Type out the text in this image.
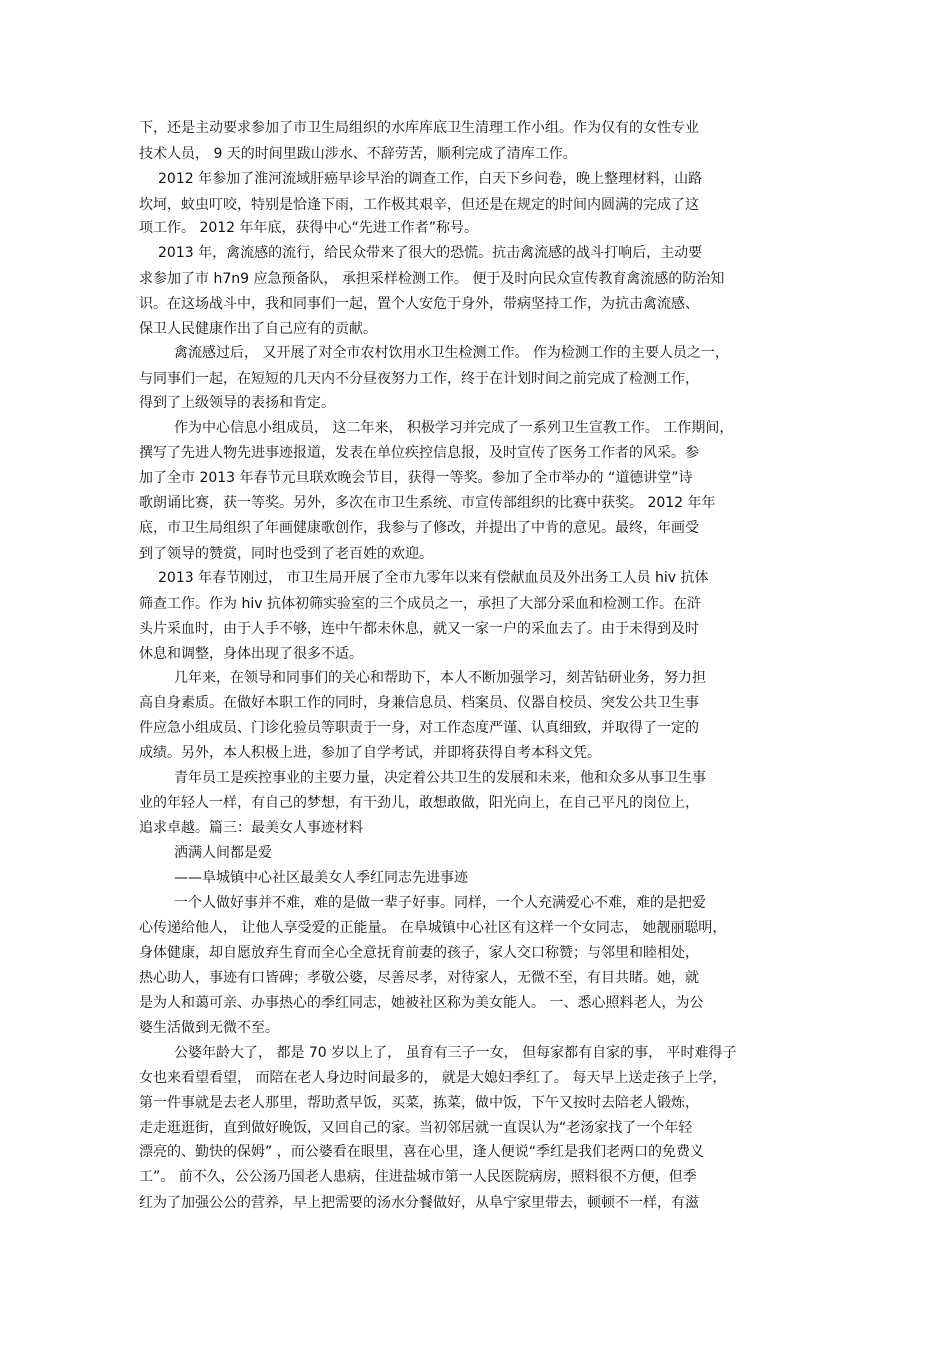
下，还是主动要求参加了市卫生局组织的水库库底卫生清理工作小组。作为仅有的女性专业

技术人员， 9 天的时间里跋山涉水、不辞劳苦，顺利完成了清库工作。

2012 年参加了淮河流域肝癌早诊早治的调查工作，白天下乡问卷，晚上整理材料，山路

坎坷，蚊虫叮咬，特别是恰逢下雨，工作极其艰辛，但还是在规定的时间内圆满的完成了这

项工作。 2012 年年底，获得中心“先进工作者”称号。

2013 年，禽流感的流行，给民众带来了很大的恐慌。抗击禽流感的战斗打响后，主动要

求参加了市 h7n9 应急预备队， 承担采样检测工作。 便于及时向民众宣传教育禽流感的防治知

识。在这场战斗中，我和同事们一起，置个人安危于身外，带病坚持工作，为抗击禽流感、

保卫人民健康作出了自己应有的贡献。

禽流感过后， 又开展了对全市农村饮用水卫生检测工作。 作为检测工作的主要人员之一，

与同事们一起，在短短的几天内不分昼夜努力工作，终于在计划时间之前完成了检测工作，

得到了上级领导的表扬和肯定。

作为中心信息小组成员， 这二年来， 积极学习并完成了一系列卫生宣教工作。 工作期间，

撰写了先进人物先进事迹报道，发表在单位疾控信息报，及时宣传了医务工作者的风采。参

加了全市 2013 年春节元旦联欢晚会节目，获得一等奖。参加了全市举办的 “道德讲堂”诗

歌朗诵比赛，获一等奖。另外，多次在市卫生系统、市宣传部组织的比赛中获奖。 2012 年年

底，市卫生局组织了年画健康歌创作，我参与了修改，并提出了中肯的意见。最终，年画受

到了领导的赞赏，同时也受到了老百姓的欢迎。

2013 年春节刚过， 市卫生局开展了全市九零年以来有偿献血员及外出务工人员 hiv 抗体

筛查工作。作为 hiv 抗体初筛实验室的三个成员之一，承担了大部分采血和检测工作。在浒

头片采血时，由于人手不够，连中午都未休息，就又一家一户的采血去了。由于未得到及时

休息和调整，身体出现了很多不适。

几年来，在领导和同事们的关心和帮助下，本人不断加强学习，刻苦钻研业务，努力担

高自身素质。在做好本职工作的同时，身兼信息员、档案员、仪器自校员、突发公共卫生事

件应急小组成员、门诊化验员等职责于一身，对工作态度严谨、认真细致，并取得了一定的

成绩。另外，本人积极上进，参加了自学考试，并即将获得自考本科文凭。

青年员工是疾控事业的主要力量，决定着公共卫生的发展和未来，他和众多从事卫生事

业的年轻人一样，有自己的梦想，有干劲儿，敢想敢做，阳光向上，在自己平凡的岗位上，

追求卓越。篇三：最美女人事迹材料

洒满人间都是爱

——阜城镇中心社区最美女人季红同志先进事迹

一个人做好事并不难，难的是做一辈子好事。同样，一个人充满爱心不难，难的是把爱

心传递给他人， 让他人享受爱的正能量。 在阜城镇中心社区有这样一个女同志， 她靓丽聪明，

身体健康，却自愿放弃生育而全心全意抚育前妻的孩子，家人交口称赞；与邻里和睦相处，

热心助人，事迹有口皆碑；孝敬公婆，尽善尽孝，对待家人，无微不至，有目共睹。她，就

是为人和蔼可亲、办事热心的季红同志，她被社区称为美女能人。 一、悉心照料老人，为公

婆生活做到无微不至。

公婆年龄大了， 都是 70 岁以上了， 虽育有三子一女， 但每家都有自家的事， 平时难得子

女也来看望看望， 而陪在老人身边时间最多的， 就是大媳妇季红了。 每天早上送走孩子上学，

第一件事就是去老人那里，帮助煮早饭，买菜，拣菜，做中饭，下午又按时去陪老人锻炼，

走走逛逛街，直到做好晚饭，又回自己的家。当初邻居就一直误认为“老汤家找了一个年轻

漂亮的、勤快的保姆” ，而公婆看在眼里，喜在心里，逢人便说“季红是我们老两口的免费义

工”。 前不久，公公汤乃国老人患病，住进盐城市第一人民医院病房，照料很不方便，但季

红为了加强公公的营养，早上把需要的汤水分餐做好，从阜宁家里带去，顿顿不一样，有滋
